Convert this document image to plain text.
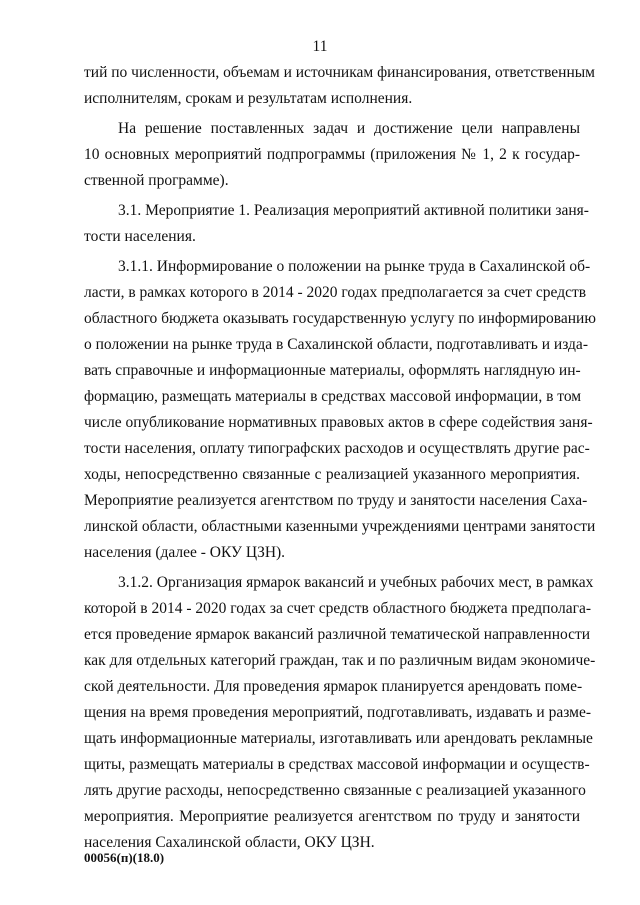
11
тий по численности, объемам и источникам финансирования, ответственным
исполнителям, срокам и результатам исполнения.
На решение поставленных задач и достижение цели направлены
10 основных мероприятий подпрограммы (приложения № 1, 2 к государ-
ственной программе).
3.1. Мероприятие 1. Реализация мероприятий активной политики заня-
тости населения.
3.1.1. Информирование о положении на рынке труда в Сахалинской об-
ласти, в рамках которого в 2014 - 2020 годах предполагается за счет средств
областного бюджета оказывать государственную услугу по информированию
о положении на рынке труда в Сахалинской области, подготавливать и изда-
вать справочные и информационные материалы, оформлять наглядную ин-
формацию, размещать материалы в средствах массовой информации, в том
числе опубликование нормативных правовых актов в сфере содействия заня-
тости населения, оплату типографских расходов и осуществлять другие рас-
ходы, непосредственно связанные с реализацией указанного мероприятия.
Мероприятие реализуется агентством по труду и занятости населения Саха-
линской области, областными казенными учреждениями центрами занятости
населения (далее - ОКУ ЦЗН).
3.1.2. Организация ярмарок вакансий и учебных рабочих мест, в рамках
которой в 2014 - 2020 годах за счет средств областного бюджета предполага-
ется проведение ярмарок вакансий различной тематической направленности
как для отдельных категорий граждан, так и по различным видам экономиче-
ской деятельности. Для проведения ярмарок планируется арендовать поме-
щения на время проведения мероприятий, подготавливать, издавать и разме-
щать информационные материалы, изготавливать или арендовать рекламные
щиты, размещать материалы в средствах массовой информации и осуществ-
лять другие расходы, непосредственно связанные с реализацией указанного
мероприятия. Мероприятие реализуется агентством по труду и занятости
населения Сахалинской области, ОКУ ЦЗН.
00056(п)(18.0)
